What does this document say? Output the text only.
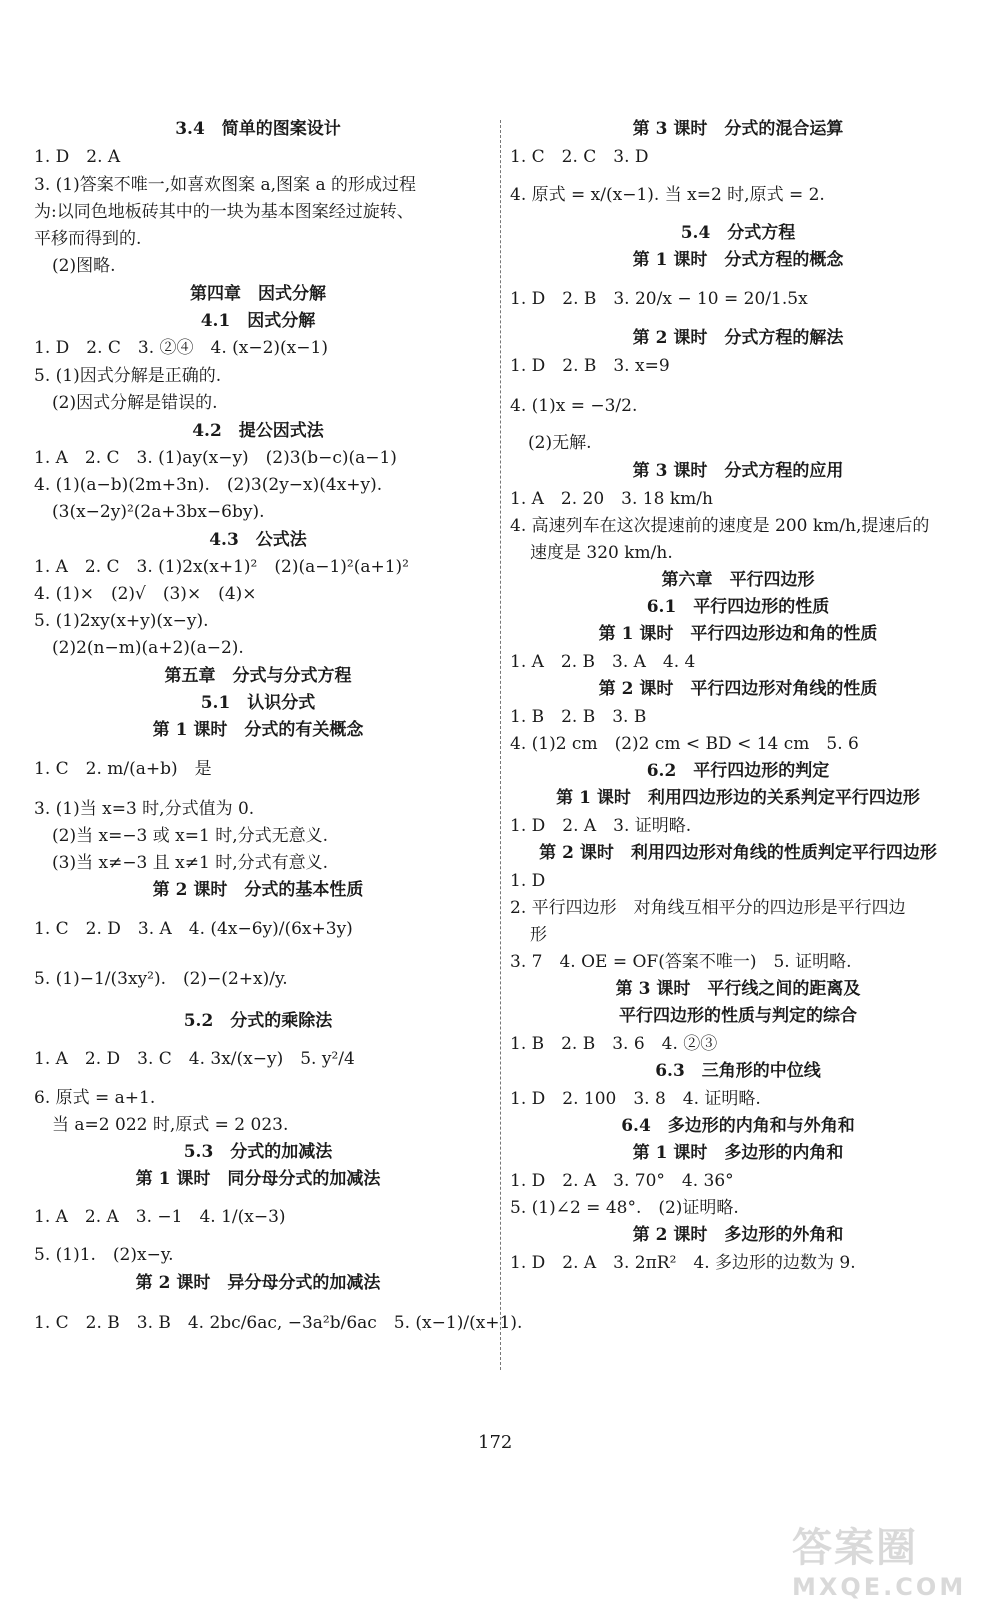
3.4　简单的图案设计
1. D　2. A
3. (1)答案不唯一,如喜欢图案 a,图案 a 的形成过程
为:以同色地板砖其中的一块为基本图案经过旋转、
平移而得到的.
(2)图略.
第四章　因式分解
4.1　因式分解
1. D　2. C　3. ②④　4. (x−2)(x−1)
5. (1)因式分解是正确的.
(2)因式分解是错误的.
4.2　提公因式法
1. A　2. C　3. (1)ay(x−y)　(2)3(b−c)(a−1)
4. (1)(a−b)(2m+3n).　(2)3(2y−x)(4x+y).
(3(x−2y)²(2a+3bx−6by).
4.3　公式法
1. A　2. C　3. (1)2x(x+1)²　(2)(a−1)²(a+1)²
4. (1)×　(2)√　(3)×　(4)×
5. (1)2xy(x+y)(x−y).
(2)2(n−m)(a+2)(a−2).
第五章　分式与分式方程
5.1　认识分式
第 1 课时　分式的有关概念
1. C　2. m/(a+b)　是
3. (1)当 x=3 时,分式值为 0.
(2)当 x=−3 或 x=1 时,分式无意义.
(3)当 x≠−3 且 x≠1 时,分式有意义.
第 2 课时　分式的基本性质
1. C　2. D　3. A　4. (4x−6y)/(6x+3y)
5. (1)−1/(3xy²).　(2)−(2+x)/y.
5.2　分式的乘除法
1. A　2. D　3. C　4. 3x/(x−y)　5. y²/4
6. 原式 = a+1.
当 a=2 022 时,原式 = 2 023.
5.3　分式的加减法
第 1 课时　同分母分式的加减法
1. A　2. A　3. −1　4. 1/(x−3)
5. (1)1.　(2)x−y.
第 2 课时　异分母分式的加减法
1. C　2. B　3. B　4. 2bc/6ac, −3a²b/6ac　5. (x−1)/(x+1).
第 3 课时　分式的混合运算
1. C　2. C　3. D
4. 原式 = x/(x−1). 当 x=2 时,原式 = 2.
5.4　分式方程
第 1 课时　分式方程的概念
1. D　2. B　3. 20/x − 10 = 20/1.5x
第 2 课时　分式方程的解法
1. D　2. B　3. x=9
4. (1)x = −3/2.
(2)无解.
第 3 课时　分式方程的应用
1. A　2. 20　3. 18 km/h
4. 高速列车在这次提速前的速度是 200 km/h,提速后的
速度是 320 km/h.
第六章　平行四边形
6.1　平行四边形的性质
第 1 课时　平行四边形边和角的性质
1. A　2. B　3. A　4. 4
第 2 课时　平行四边形对角线的性质
1. B　2. B　3. B
4. (1)2 cm　(2)2 cm < BD < 14 cm　5. 6
6.2　平行四边形的判定
第 1 课时　利用四边形边的关系判定平行四边形
1. D　2. A　3. 证明略.
第 2 课时　利用四边形对角线的性质判定平行四边形
1. D
2. 平行四边形　对角线互相平分的四边形是平行四边
形
3. 7　4. OE = OF(答案不唯一)　5. 证明略.
第 3 课时　平行线之间的距离及
平行四边形的性质与判定的综合
1. B　2. B　3. 6　4. ②③
6.3　三角形的中位线
1. D　2. 100　3. 8　4. 证明略.
6.4　多边形的内角和与外角和
第 1 课时　多边形的内角和
1. D　2. A　3. 70°　4. 36°
5. (1)∠2 = 48°.　(2)证明略.
第 2 课时　多边形的外角和
1. D　2. A　3. 2πR²　4. 多边形的边数为 9.
172
答案圈
MXQE.COM
